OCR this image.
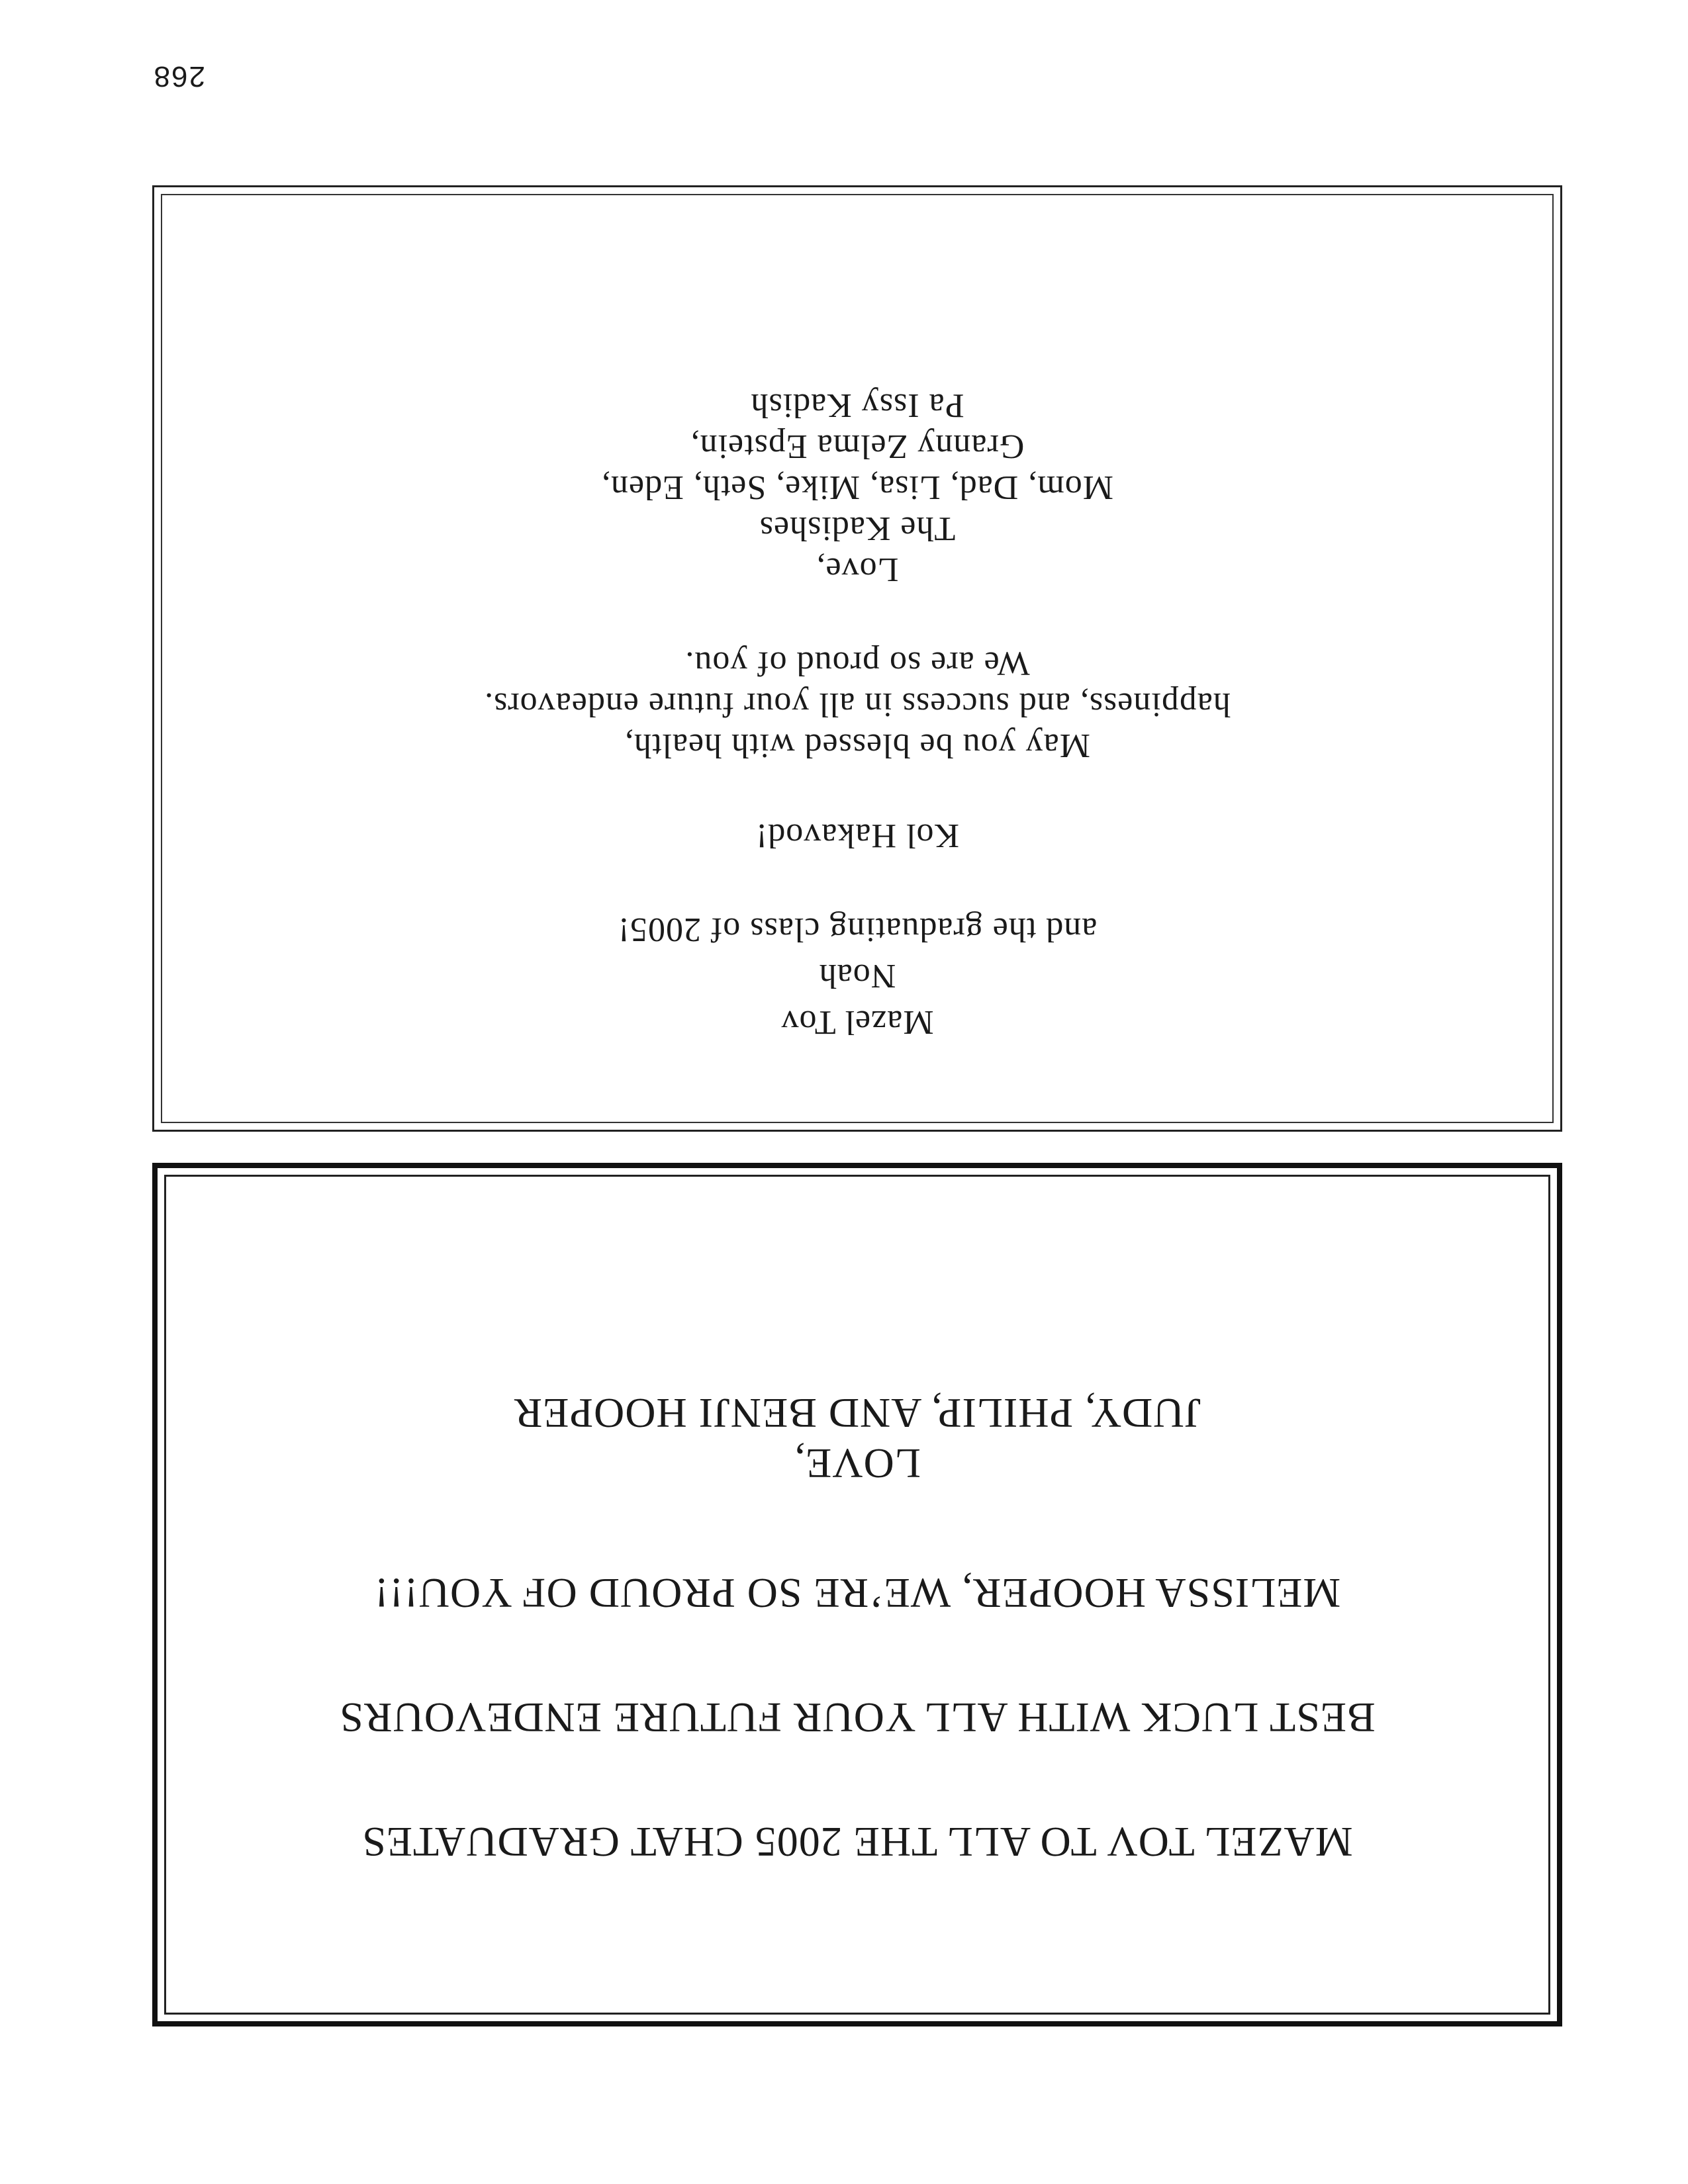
268
MAZEL TOV TO ALL THE 2005 CHAT GRADUATES
BEST LUCK WITH ALL YOUR FUTURE ENDEVOURS
MELISSA HOOPER, WE’RE SO PROUD OF YOU!!!
LOVE,
JUDY, PHILIP, AND BENJI HOOPER
Mazel Tov
Noah
and the graduating class of 2005!
Kol Hakavod!
May you be blessed with health,
happiness, and success in all your future endeavors.
We are so proud of you.
Love,
The Kadishes
Mom, Dad, Lisa, Mike, Seth, Eden,
Granny Zelma Epstein,
Pa Issy Kadish
